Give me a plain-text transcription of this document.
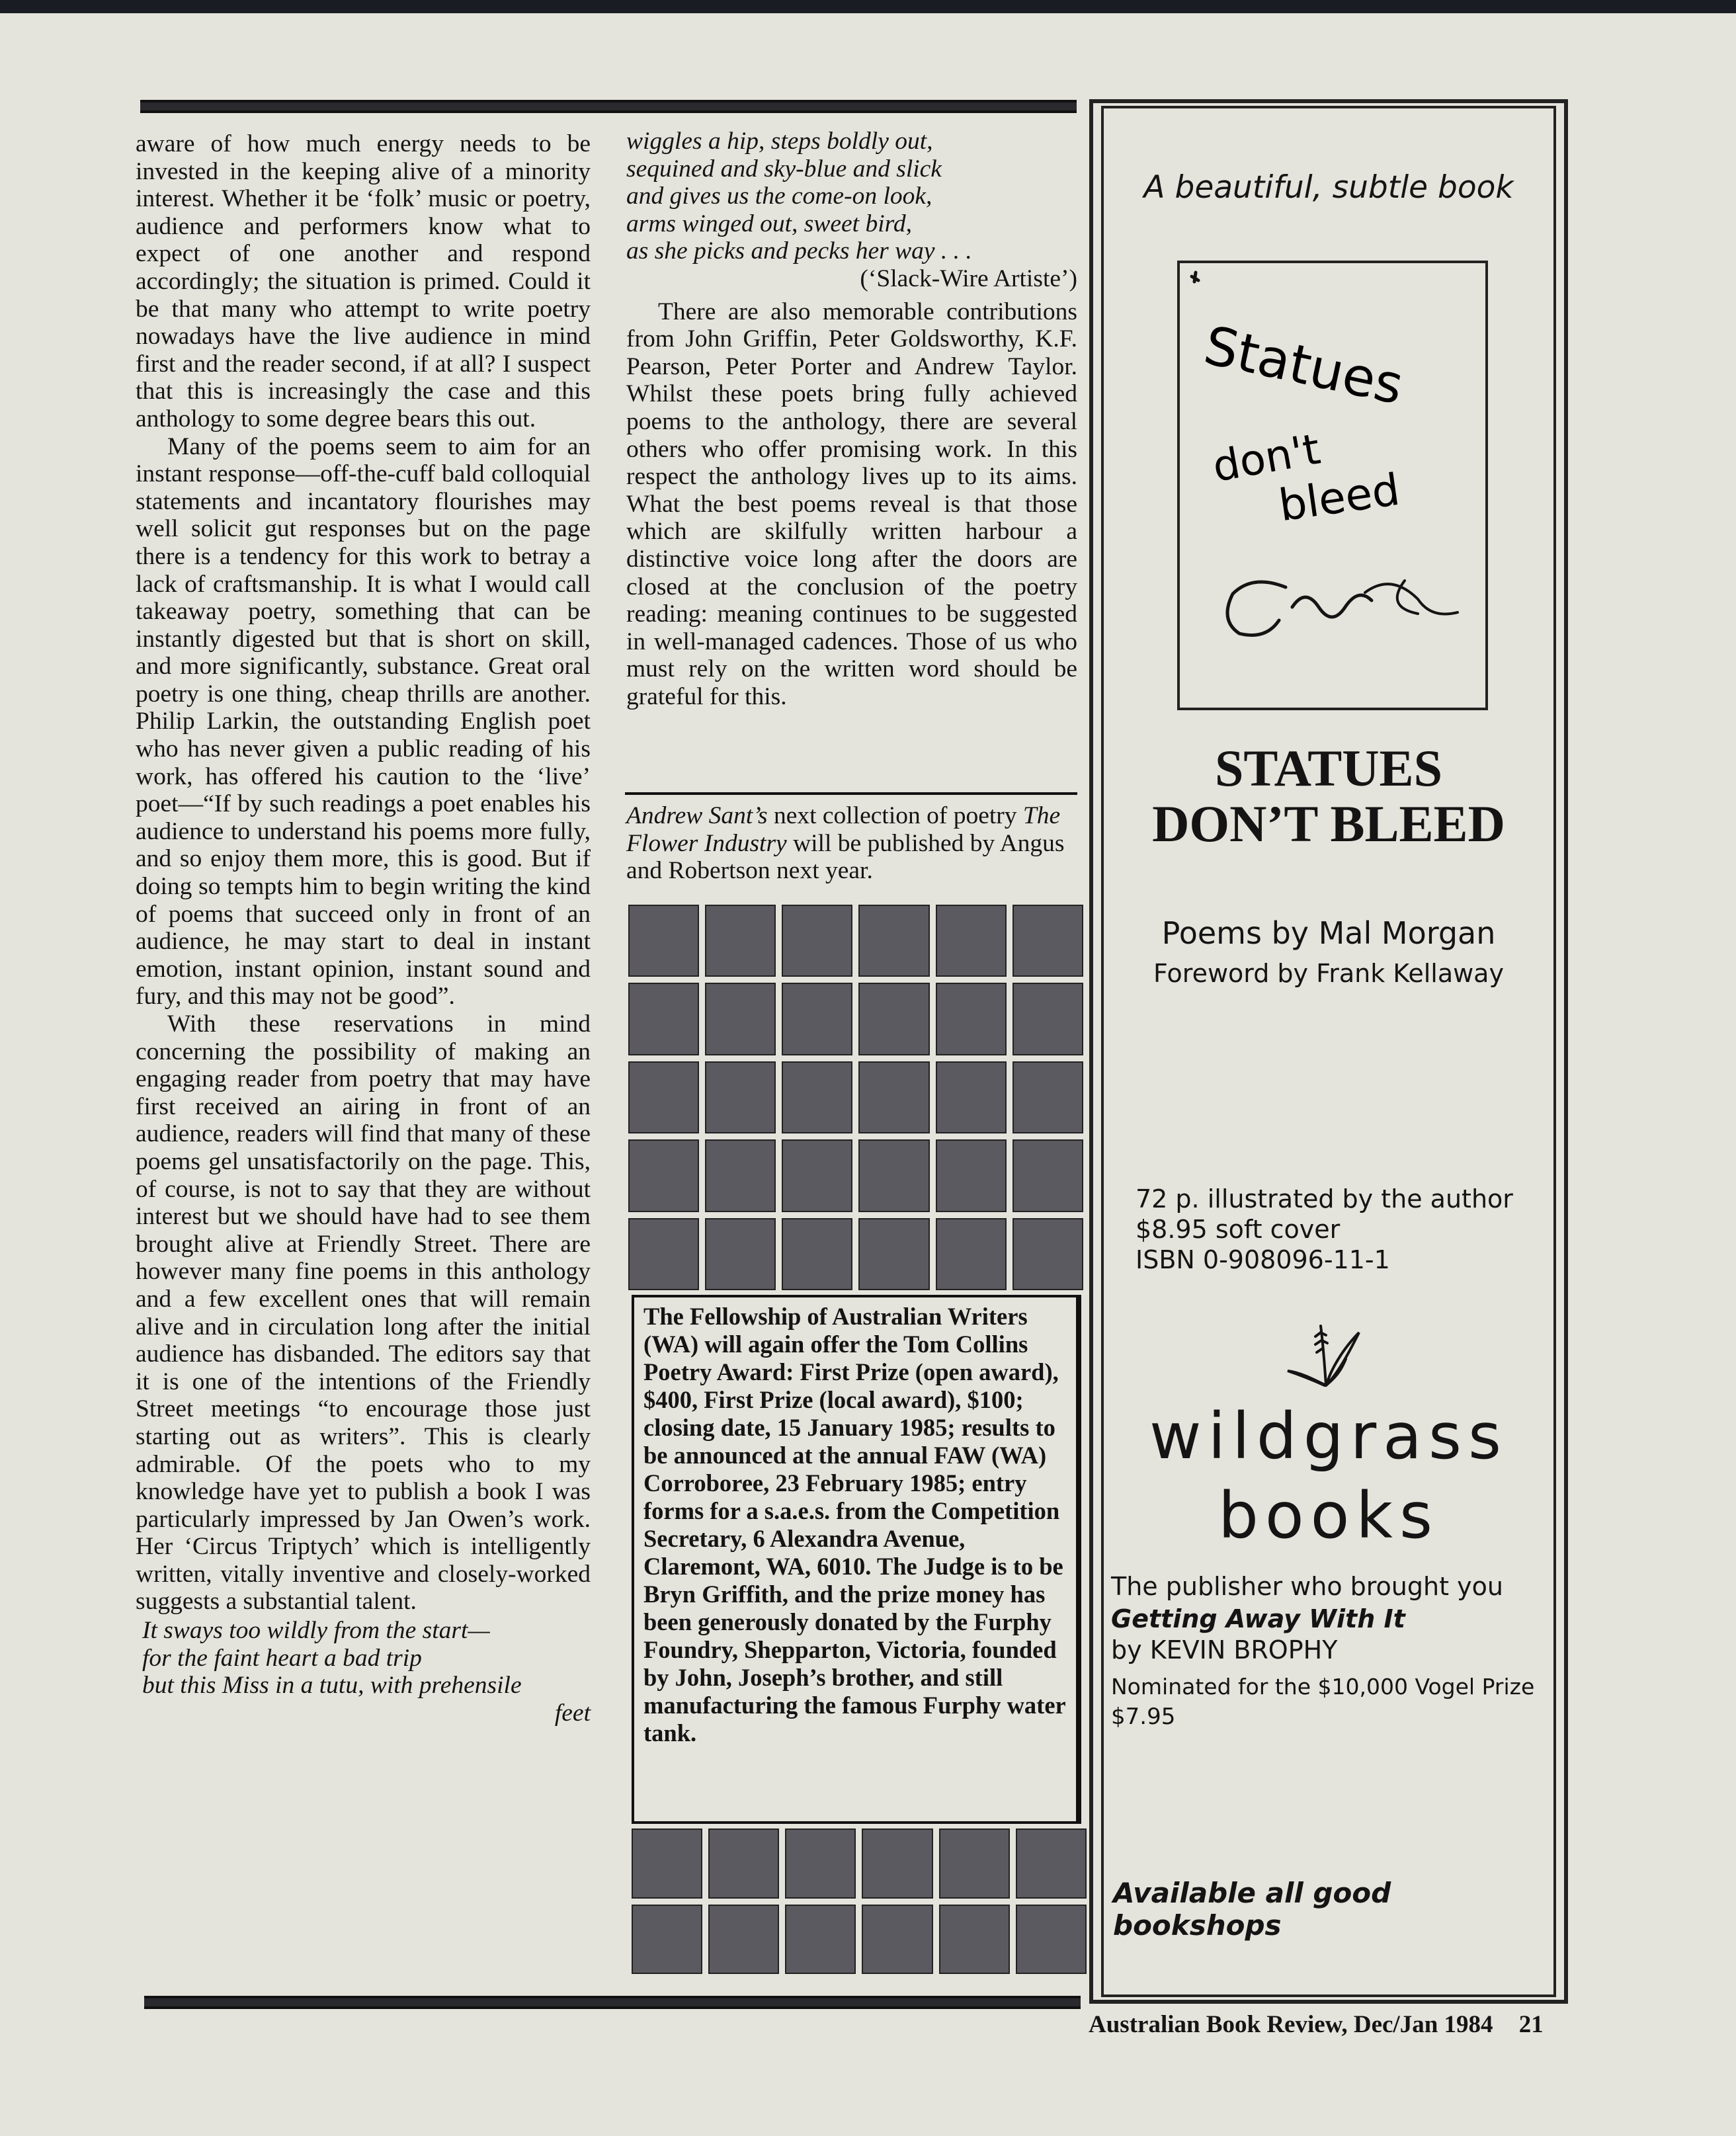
aware of how much energy needs to be invested in the keeping alive of a minority interest. Whether it be ‘folk’ music or poetry, audience and performers know what to expect of one another and respond accordingly; the situation is primed. Could it be that many who attempt to write poetry nowadays have the live audience in mind first and the reader second, if at all? I suspect that this is increasingly the case and this anthology to some degree bears this out.

Many of the poems seem to aim for an instant response—off-the-cuff bald colloquial statements and incantatory flourishes may well solicit gut responses but on the page there is a tendency for this work to betray a lack of craftsmanship. It is what I would call takeaway poetry, something that can be instantly digested but that is short on skill, and more significantly, substance. Great oral poetry is one thing, cheap thrills are another. Philip Larkin, the outstanding English poet who has never given a public reading of his work, has offered his caution to the ‘live’ poet—“If by such readings a poet enables his audience to understand his poems more fully, and so enjoy them more, this is good. But if doing so tempts him to begin writing the kind of poems that succeed only in front of an audience, he may start to deal in instant emotion, instant opinion, instant sound and fury, and this may not be good”.

With these reservations in mind concerning the possibility of making an engaging reader from poetry that may have first received an airing in front of an audience, readers will find that many of these poems gel unsatisfactorily on the page. This, of course, is not to say that they are without interest but we should have had to see them brought alive at Friendly Street. There are however many fine poems in this anthology and a few excellent ones that will remain alive and in circulation long after the initial audience has disbanded. The editors say that it is one of the intentions of the Friendly Street meetings “to encourage those just starting out as writers”. This is clearly admirable. Of the poets who to my knowledge have yet to publish a book I was particularly impressed by Jan Owen’s work. Her ‘Circus Triptych’ which is intelligently written, vitally inventive and closely-worked suggests a substantial talent.

It sways too wildly from the start—
for the faint heart a bad trip
but this Miss in a tutu, with prehensile
feet
wiggles a hip, steps boldly out,
sequined and sky-blue and slick
and gives us the come-on look,
arms winged out, sweet bird,
as she picks and pecks her way . . .
(‘Slack-Wire Artiste’)

There are also memorable contributions from John Griffin, Peter Goldsworthy, K.F. Pearson, Peter Porter and Andrew Taylor. Whilst these poets bring fully achieved poems to the anthology, there are several others who offer promising work. In this respect the anthology lives up to its aims. What the best poems reveal is that those which are skilfully written harbour a distinctive voice long after the doors are closed at the conclusion of the poetry reading: meaning continues to be suggested in well-managed cadences. Those of us who must rely on the written word should be grateful for this.

Andrew Sant’s next collection of poetry The Flower Industry will be published by Angus and Robertson next year.
The Fellowship of Australian Writers (WA) will again offer the Tom Collins Poetry Award: First Prize (open award), $400, First Prize (local award), $100; closing date, 15 January 1985; results to be announced at the annual FAW (WA) Corroboree, 23 February 1985; entry forms for a s.a.e.s. from the Competition Secretary, 6 Alexandra Avenue, Claremont, WA, 6010. The Judge is to be Bryn Griffith, and the prize money has been generously donated by the Furphy Foundry, Shepparton, Victoria, founded by John, Joseph’s brother, and still manufacturing the famous Furphy water tank.
A beautiful, subtle book
Statues
don't
bleed
STATUES
DON’T BLEED
Poems by Mal Morgan
Foreword by Frank Kellaway
72 p. illustrated by the author
$8.95 soft cover
ISBN 0-908096-11-1
wildgrass
books
The publisher who brought you
Getting Away With It
by KEVIN BROPHY
Nominated for the $10,000 Vogel Prize
$7.95
Available all good bookshops
Australian Book Review, Dec/Jan 1984 21
